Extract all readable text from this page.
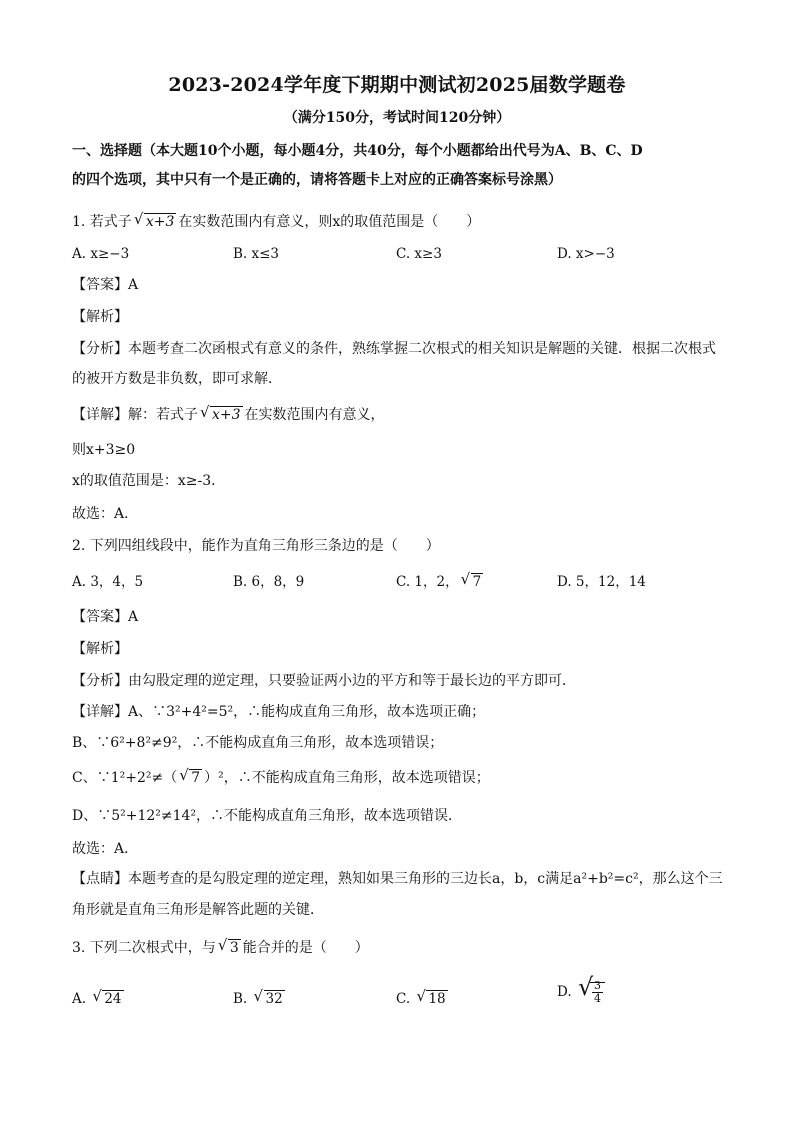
2023-2024学年度下期期中测试初2025届数学题卷
（满分150分，考试时间120分钟）
一、选择题（本大题10个小题，每小题4分，共40分，每个小题都给出代号为A、B、C、D
的四个选项，其中只有一个是正确的，请将答题卡上对应的正确答案标号涂黑）
1. 若式子 √ x+3 在实数范围内有意义，则x的取值范围是（　　）
A. x≥−3	B. x≤3	C. x≥3	D. x>−3
【答案】A
【解析】
【分析】本题考查二次函根式有意义的条件，熟练掌握二次根式的相关知识是解题的关键．根据二次根式
的被开方数是非负数，即可求解．
【详解】解：若式子 √ x+3 在实数范围内有意义，
则x+3≥0
x的取值范围是：x≥-3．
故选：A．
2. 下列四组线段中，能作为直角三角形三条边的是（　　）
A. 3，4，5	B. 6，8，9	C. 1，2， √ 7	D. 5，12，14
【答案】A
【解析】
【分析】由勾股定理的逆定理，只要验证两小边的平方和等于最长边的平方即可．
【详解】A、∵3²+4²=5²，∴能构成直角三角形，故本选项正确；
B、∵6²+8²≠9²，∴不能构成直角三角形，故本选项错误；
C、∵1²+2²≠（ √ 7 ）²，∴不能构成直角三角形，故本选项错误；
D、∵5²+12²≠14²，∴不能构成直角三角形，故本选项错误．
故选：A．
【点睛】本题考查的是勾股定理的逆定理，熟知如果三角形的三边长a，b，c满足a²+b²=c²，那么这个三
角形就是直角三角形是解答此题的关键．
3. 下列二次根式中，与 √ 3 能合并的是（　　）
A. √ 24	B. √ 32	C. √ 18	D. √
$\frac{3}{4}$
